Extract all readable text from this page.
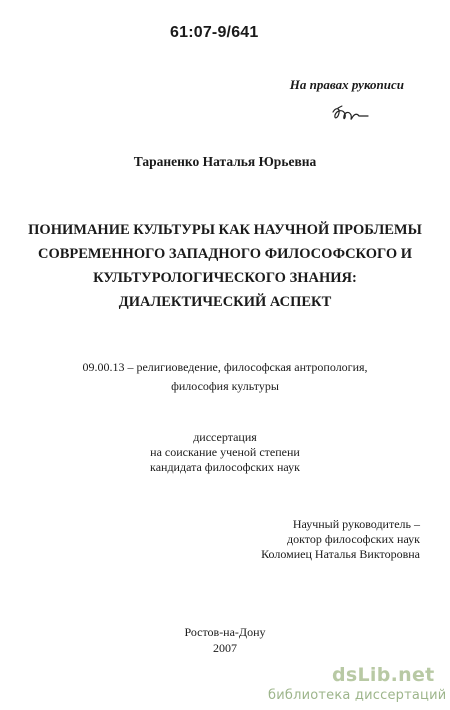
61:07-9/641
На правах рукописи
Тараненко Наталья Юрьевна
ПОНИМАНИЕ КУЛЬТУРЫ КАК НАУЧНОЙ ПРОБЛЕМЫ
СОВРЕМЕННОГО ЗАПАДНОГО ФИЛОСОФСКОГО И
КУЛЬТУРОЛОГИЧЕСКОГО ЗНАНИЯ:
ДИАЛЕКТИЧЕСКИЙ АСПЕКТ
09.00.13 – религиоведение, философская антропология,
философия культуры
диссертация
на соискание ученой степени
кандидата философских наук
Научный руководитель –
доктор философских наук
Коломиец Наталья Викторовна
Ростов-на-Дону
2007
dsLib.net
библиотека диссертаций
